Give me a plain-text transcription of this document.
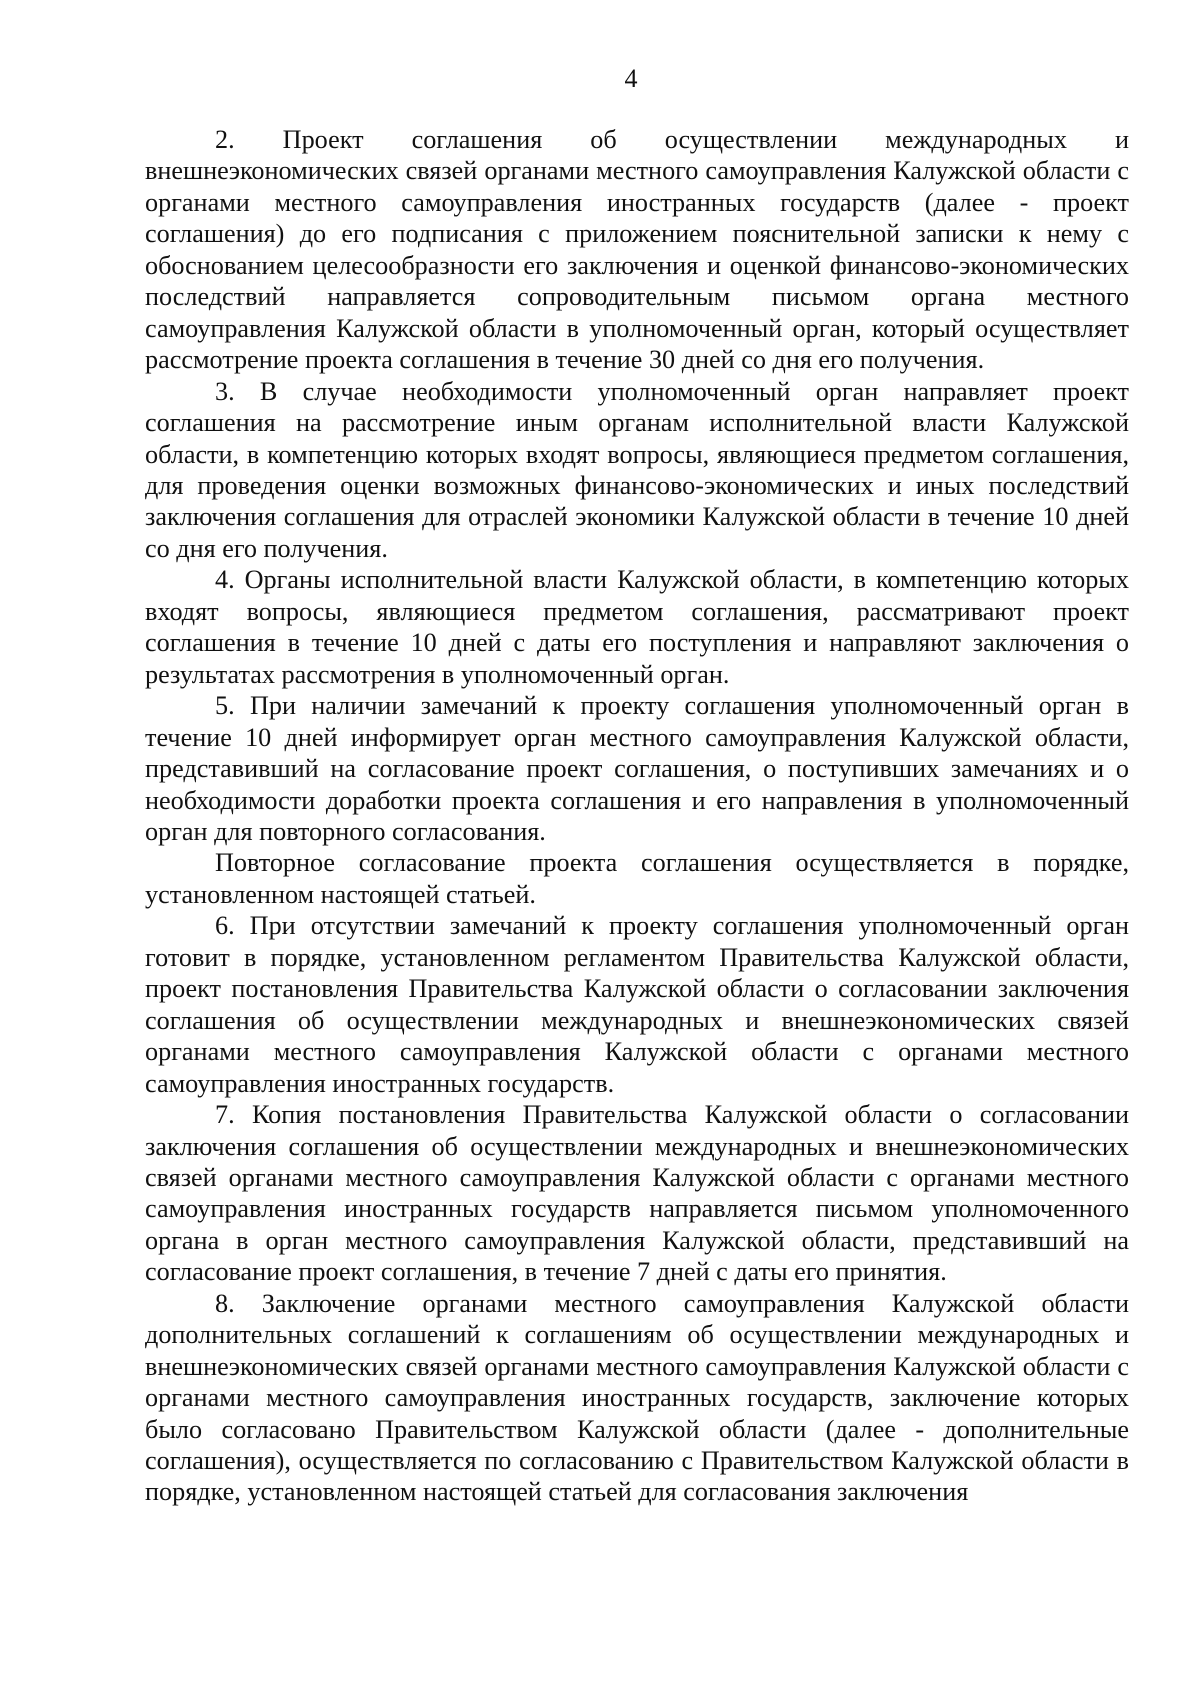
4

2. Проект соглашения об осуществлении международных и внешнеэкономических связей органами местного самоуправления Калужской области с органами местного самоуправления иностранных государств (далее - проект соглашения) до его подписания с приложением пояснительной записки к нему с обоснованием целесообразности его заключения и оценкой финансово-экономических последствий направляется сопроводительным письмом органа местного самоуправления Калужской области в уполномоченный орган, который осуществляет рассмотрение проекта соглашения в течение 30 дней со дня его получения.

3. В случае необходимости уполномоченный орган направляет проект соглашения на рассмотрение иным органам исполнительной власти Калужской области, в компетенцию которых входят вопросы, являющиеся предметом соглашения, для проведения оценки возможных финансово-экономических и иных последствий заключения соглашения для отраслей экономики Калужской области в течение 10 дней со дня его получения.

4. Органы исполнительной власти Калужской области, в компетенцию которых входят вопросы, являющиеся предметом соглашения, рассматривают проект соглашения в течение 10 дней с даты его поступления и направляют заключения о результатах рассмотрения в уполномоченный орган.

5. При наличии замечаний к проекту соглашения уполномоченный орган в течение 10 дней информирует орган местного самоуправления Калужской области, представивший на согласование проект соглашения, о поступивших замечаниях и о необходимости доработки проекта соглашения и его направления в уполномоченный орган для повторного согласования.

Повторное согласование проекта соглашения осуществляется в порядке, установленном настоящей статьей.

6. При отсутствии замечаний к проекту соглашения уполномоченный орган готовит в порядке, установленном регламентом Правительства Калужской области, проект постановления Правительства Калужской области о согласовании заключения соглашения об осуществлении международных и внешнеэкономических связей органами местного самоуправления Калужской области с органами местного самоуправления иностранных государств.

7. Копия постановления Правительства Калужской области о согласовании заключения соглашения об осуществлении международных и внешнеэкономических связей органами местного самоуправления Калужской области с органами местного самоуправления иностранных государств направляется письмом уполномоченного органа в орган местного самоуправления Калужской области, представивший на согласование проект соглашения, в течение 7 дней с даты его принятия.

8. Заключение органами местного самоуправления Калужской области дополнительных соглашений к соглашениям об осуществлении международных и внешнеэкономических связей органами местного самоуправления Калужской области с органами местного самоуправления иностранных государств, заключение которых было согласовано Правительством Калужской области (далее - дополнительные соглашения), осуществляется по согласованию с Правительством Калужской области в порядке, установленном настоящей статьей для согласования заключения
